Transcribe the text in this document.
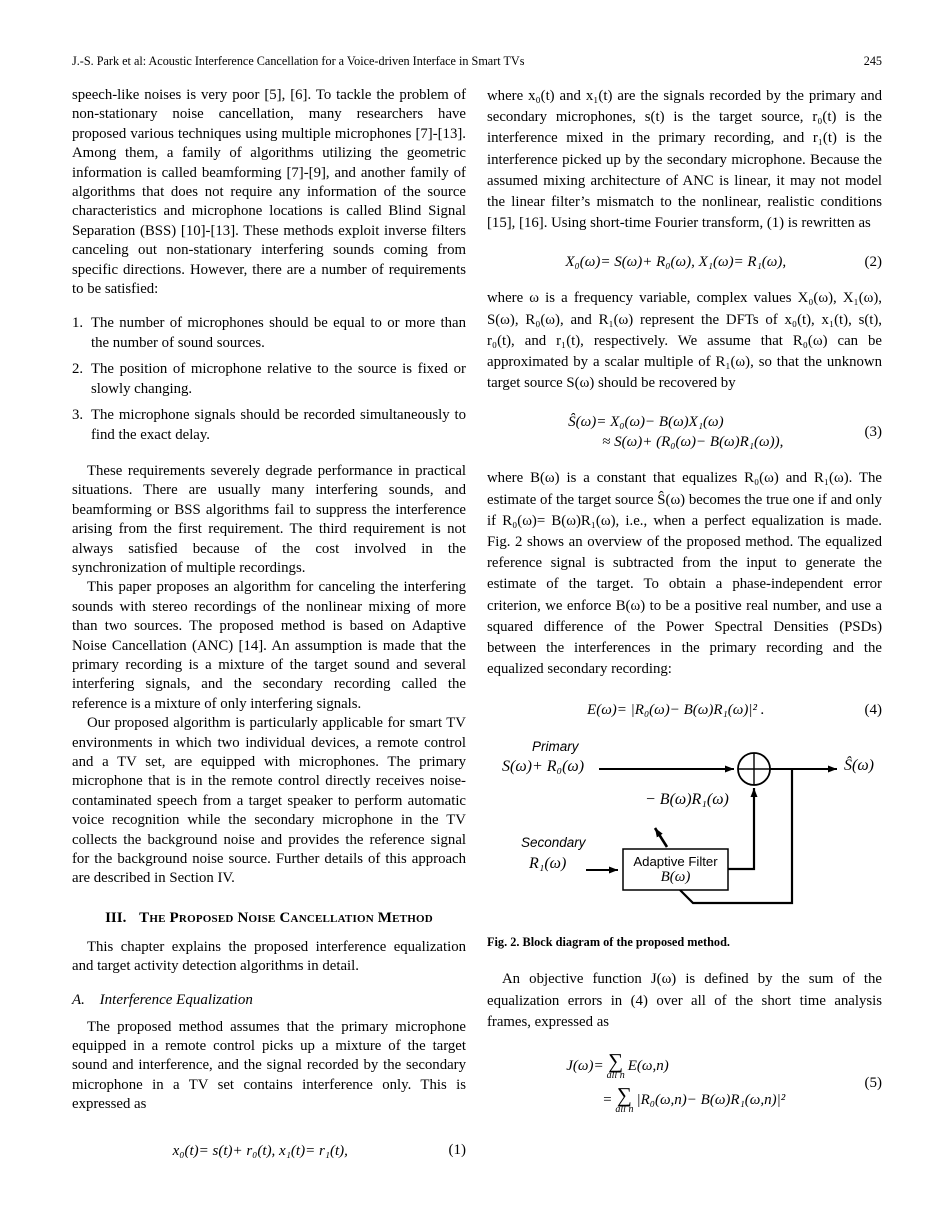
J.-S. Park et al: Acoustic Interference Cancellation for a Voice-driven Interface in Smart TVs	245

speech-like noises is very poor [5], [6]. To tackle the problem of non-stationary noise cancellation, many researchers have proposed various techniques using multiple microphones [7]-[13]. Among them, a family of algorithms utilizing the geometric information is called beamforming [7]-[9], and another family of algorithms that does not require any information of the source characteristics and microphone locations is called Blind Signal Separation (BSS) [10]-[13]. These methods exploit inverse filters canceling out non-stationary interfering sounds coming from specific directions. However, there are a number of requirements to be satisfied:

1. The number of microphones should be equal to or more than the number of sound sources.
2. The position of microphone relative to the source is fixed or slowly changing.
3. The microphone signals should be recorded simultaneously to find the exact delay.

These requirements severely degrade performance in practical situations. There are usually many interfering sounds, and beamforming or BSS algorithms fail to suppress the interference arising from the first requirement. The third requirement is not always satisfied because of the cost involved in the synchronization of multiple recordings.

This paper proposes an algorithm for canceling the interfering sounds with stereo recordings of the nonlinear mixing of more than two sources. The proposed method is based on Adaptive Noise Cancellation (ANC) [14]. An assumption is made that the primary recording is a mixture of the target sound and several interfering signals, and the secondary recording called the reference is a mixture of only interfering signals.

Our proposed algorithm is particularly applicable for smart TV environments in which two individual devices, a remote control and a TV set, are equipped with microphones. The primary microphone that is in the remote control directly receives noise-contaminated speech from a target speaker to perform automatic voice recognition while the secondary microphone in the TV collects the background noise and provides the reference signal for the background noise source. Further details of this approach are described in Section IV.

III. The Proposed Noise Cancellation Method

This chapter explains the proposed interference equalization and target activity detection algorithms in detail.

A. Interference Equalization

The proposed method assumes that the primary microphone equipped in a remote control picks up a mixture of the target sound and interference, and the signal recorded by the secondary microphone in a TV set contains interference only. This is expressed as

x₀(t)= s(t)+ r₀(t), x₁(t)= r₁(t),	(1)

where x₀(t) and x₁(t) are the signals recorded by the primary and secondary microphones, s(t) is the target source, r₀(t) is the interference mixed in the primary recording, and r₁(t) is the interference picked up by the secondary microphone. Because the assumed mixing architecture of ANC is linear, it may not model the linear filter’s mismatch to the nonlinear, realistic conditions [15], [16]. Using short-time Fourier transform, (1) is rewritten as

X₀(ω)= S(ω)+ R₀(ω), X₁(ω)= R₁(ω),	(2)

where ω is a frequency variable, complex values X₀(ω), X₁(ω), S(ω), R₀(ω), and R₁(ω) represent the DFTs of x₀(t), x₁(t), s(t), r₀(t), and r₁(t), respectively. We assume that R₀(ω) can be approximated by a scalar multiple of R₁(ω), so that the unknown target source S(ω) should be recovered by

Ŝ(ω)= X₀(ω)− B(ω)X₁(ω)
≈ S(ω)+ (R₀(ω)− B(ω)R₁(ω)),
(3)

where B(ω) is a constant that equalizes R₀(ω) and R₁(ω). The estimate of the target source Ŝ(ω) becomes the true one if and only if R₀(ω)= B(ω)R₁(ω), i.e., when a perfect equalization is made. Fig. 2 shows an overview of the proposed method. The equalized reference signal is subtracted from the input to generate the estimate of the target. To obtain a phase-independent error criterion, we enforce B(ω) to be a positive real number, and use a squared difference of the Power Spectral Densities (PSDs) between the interferences in the primary recording and the equalized secondary recording:

E(ω)= |R₀(ω)− B(ω)R₁(ω)|² .	(4)
Primary
S(ω)+ R₀(ω)	Ŝ(ω)
− B(ω)R₁(ω)
Secondary
R₁(ω)	Adaptive Filter
B(ω)

Fig. 2. Block diagram of the proposed method.

An objective function J(ω) is defined by the sum of the equalization errors in (4) over all of the short time analysis frames, expressed as

J(ω)= ∑
all n
E(ω,n)
= ∑
all n
|R₀(ω,n)− B(ω)R₁(ω,n)|²
(5)
